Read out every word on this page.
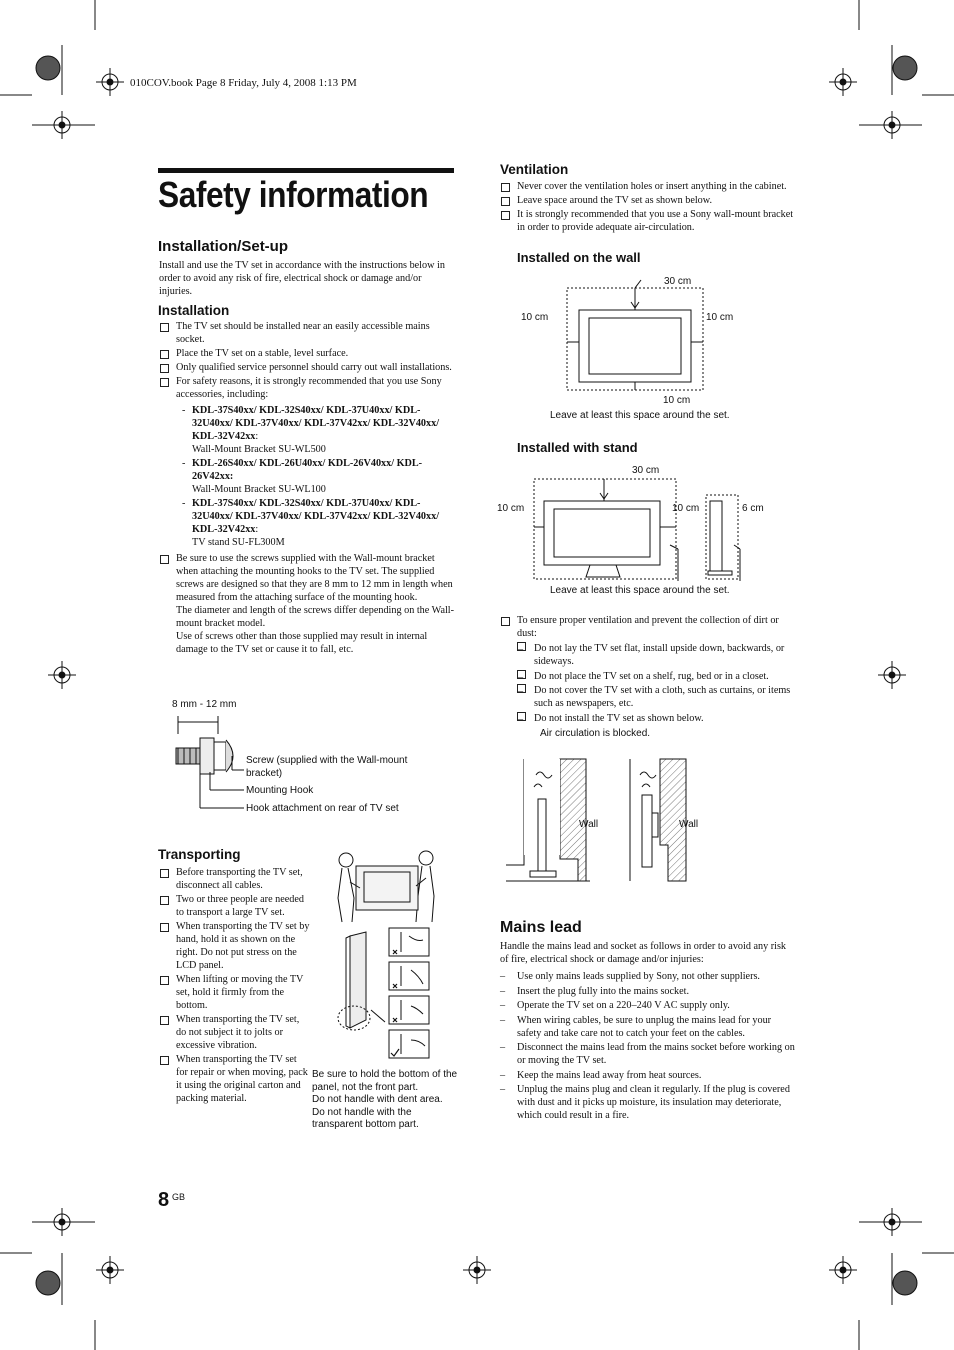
010COV.book Page 8 Friday, July 4, 2008 1:13 PM
Safety information
Installation/Set-up
Install and use the TV set in accordance with the instructions below in order to avoid any risk of fire, electrical shock or damage and/or injuries.
Installation
The TV set should be installed near an easily accessible mains socket.
Place the TV set on a stable, level surface.
Only qualified service personnel should carry out wall installations.
For safety reasons, it is strongly recommended that you use Sony accessories, including:
- KDL-37S40xx/ KDL-32S40xx/ KDL-37U40xx/ KDL-32U40xx/ KDL-37V40xx/ KDL-37V42xx/ KDL-32V40xx/ KDL-32V42xx:
Wall-Mount Bracket SU-WL500
- KDL-26S40xx/ KDL-26U40xx/ KDL-26V40xx/ KDL-26V42xx:
Wall-Mount Bracket SU-WL100
- KDL-37S40xx/ KDL-32S40xx/ KDL-37U40xx/ KDL-32U40xx/ KDL-37V40xx/ KDL-37V42xx/ KDL-32V40xx/ KDL-32V42xx:
TV stand SU-FL300M
Be sure to use the screws supplied with the Wall-mount bracket when attaching the mounting hooks to the TV set. The supplied screws are designed so that they are 8 mm to 12 mm in length when measured from the attaching surface of the mounting hook.
The diameter and length of the screws differ depending on the Wall-mount bracket model.
Use of screws other than those supplied may result in internal damage to the TV set or cause it to fall, etc.
8 mm - 12 mm
Screw (supplied with the Wall-mount bracket)
Mounting Hook
Hook attachment on rear of TV set
Transporting
Before transporting the TV set, disconnect all cables.
Two or three people are needed to transport a large TV set.
When transporting the TV set by hand, hold it as shown on the right. Do not put stress on the LCD panel.
When lifting or moving the TV set, hold it firmly from the bottom.
When transporting the TV set, do not subject it to jolts or excessive vibration.
When transporting the TV set for repair or when moving, pack it using the original carton and packing material.
Be sure to hold the bottom of the panel, not the front part.
Do not handle with dent area.
Do not handle with the transparent bottom part.
Ventilation
Never cover the ventilation holes or insert anything in the cabinet.
Leave space around the TV set as shown below.
It is strongly recommended that you use a Sony wall-mount bracket in order to provide adequate air-circulation.
Installed on the wall
30 cm
10 cm	10 cm
10 cm
Leave at least this space around the set.
Installed with stand
30 cm
10 cm	10 cm	6 cm
Leave at least this space around the set.
To ensure proper ventilation and prevent the collection of dirt or dust:
– Do not lay the TV set flat, install upside down, backwards, or sideways.
– Do not place the TV set on a shelf, rug, bed or in a closet.
– Do not cover the TV set with a cloth, such as curtains, or items such as newspapers, etc.
– Do not install the TV set as shown below.
Air circulation is blocked.
Wall	Wall
Mains lead
Handle the mains lead and socket as follows in order to avoid any risk of fire, electrical shock or damage and/or injuries:
– Use only mains leads supplied by Sony, not other suppliers.
– Insert the plug fully into the mains socket.
– Operate the TV set on a 220–240 V AC supply only.
– When wiring cables, be sure to unplug the mains lead for your safety and take care not to catch your feet on the cables.
– Disconnect the mains lead from the mains socket before working on or moving the TV set.
– Keep the mains lead away from heat sources.
– Unplug the mains plug and clean it regularly. If the plug is covered with dust and it picks up moisture, its insulation may deteriorate, which could result in a fire.
8 GB
